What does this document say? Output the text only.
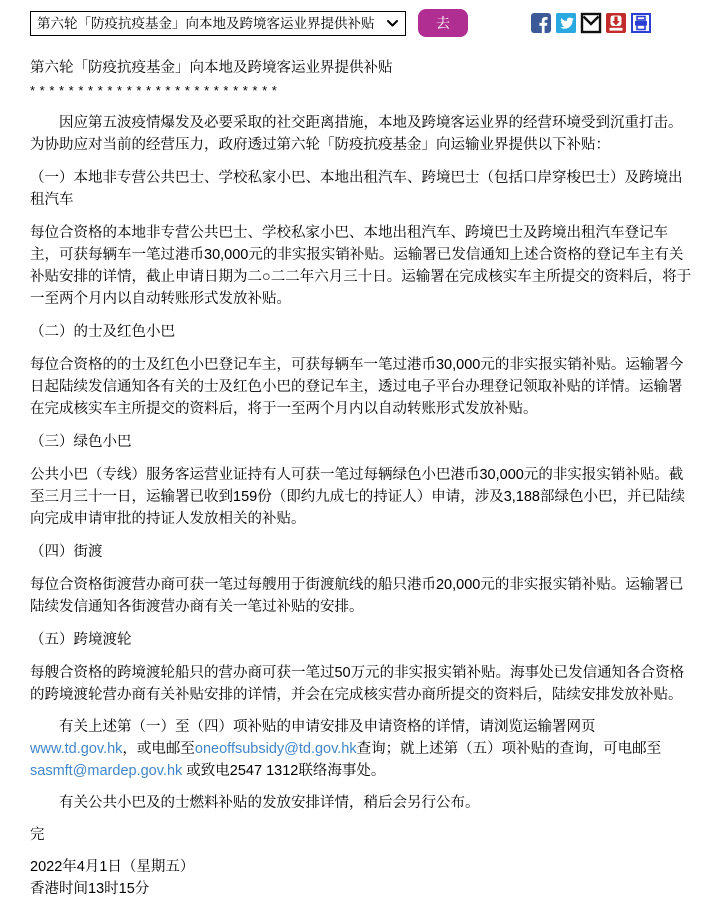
第六轮「防疫抗疫基金」向本地及跨境客运业界提供补贴
去
第六轮「防疫抗疫基金」向本地及跨境客运业界提供补贴
* * * * * * * * * * * * * * * * * * * * * * * * * *

　　因应第五波疫情爆发及必要采取的社交距离措施，本地及跨境客运业界的经营环境受到沉重打击。为协助应对当前的经营压力，政府透过第六轮「防疫抗疫基金」向运输业界提供以下补贴：

（一）本地非专营公共巴士、学校私家小巴、本地出租汽车、跨境巴士（包括口岸穿梭巴士）及跨境出租汽车

每位合资格的本地非专营公共巴士、学校私家小巴、本地出租汽车、跨境巴士及跨境出租汽车登记车主，可获每辆车一笔过港币30,000元的非实报实销补贴。运输署已发信通知上述合资格的登记车主有关补贴安排的详情，截止申请日期为二○二二年六月三十日。运输署在完成核实车主所提交的资料后，将于一至两个月内以自动转账形式发放补贴。

（二）的士及红色小巴

每位合资格的的士及红色小巴登记车主，可获每辆车一笔过港币30,000元的非实报实销补贴。运输署今日起陆续发信通知各有关的士及红色小巴的登记车主，透过电子平台办理登记领取补贴的详情。运输署在完成核实车主所提交的资料后，将于一至两个月内以自动转账形式发放补贴。

（三）绿色小巴

公共小巴（专线）服务客运营业证持有人可获一笔过每辆绿色小巴港币30,000元的非实报实销补贴。截至三月三十一日，运输署已收到159份（即约九成七的持证人）申请，涉及3,188部绿色小巴，并已陆续向完成申请审批的持证人发放相关的补贴。

（四）街渡

每位合资格街渡营办商可获一笔过每艘用于街渡航线的船只港币20,000元的非实报实销补贴。运输署已陆续发信通知各街渡营办商有关一笔过补贴的安排。

（五）跨境渡轮

每艘合资格的跨境渡轮船只的营办商可获一笔过50万元的非实报实销补贴。海事处已发信通知各合资格的跨境渡轮营办商有关补贴安排的详情，并会在完成核实营办商所提交的资料后，陆续安排发放补贴。

　　有关上述第（一）至（四）项补贴的申请安排及申请资格的详情，请浏览运输署网页www.td.gov.hk，或电邮至oneoffsubsidy@td.gov.hk查询；就上述第（五）项补贴的查询，可电邮至sasmft@mardep.gov.hk 或致电2547 1312联络海事处。

　　有关公共小巴及的士燃料补贴的发放安排详情，稍后会另行公布。

完

2022年4月1日（星期五）
香港时间13时15分
